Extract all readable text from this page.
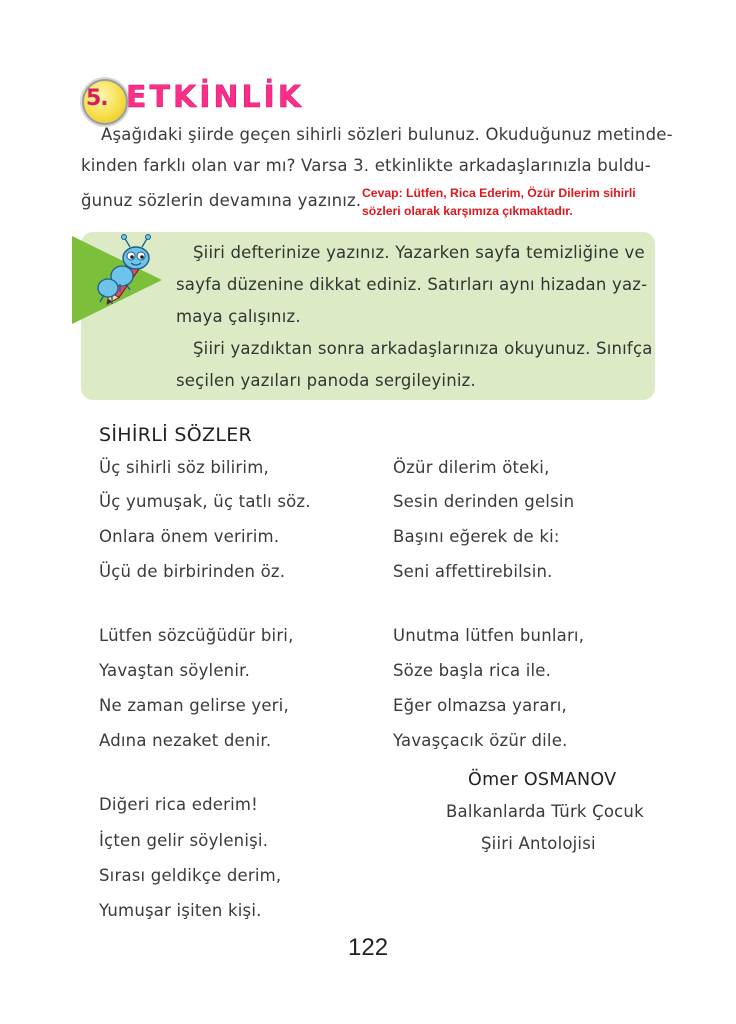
5. ETKİNLİK
Aşağıdaki şiirde geçen sihirli sözleri bulunuz. Okuduğunuz metinde-
kinden farklı olan var mı? Varsa 3. etkinlikte arkadaşlarınızla buldu-
ğunuz sözlerin devamına yazınız. Cevap: Lütfen, Rica Ederim, Özür Dilerim sihirli
sözleri olarak karşımıza çıkmaktadır.
Şiiri defterinize yazınız. Yazarken sayfa temizliğine ve
sayfa düzenine dikkat ediniz. Satırları aynı hizadan yaz-
maya çalışınız.
Şiiri yazdıktan sonra arkadaşlarınıza okuyunuz. Sınıfça
seçilen yazıları panoda sergileyiniz.
SİHİRLİ SÖZLER
Üç sihirli söz bilirim,
Üç yumuşak, üç tatlı söz.
Onlara önem veririm.
Üçü de birbirinden öz.
Lütfen sözcüğüdür biri,
Yavaştan söylenir.
Ne zaman gelirse yeri,
Adına nezaket denir.
Diğeri rica ederim!
İçten gelir söylenişi.
Sırası geldikçe derim,
Yumuşar işiten kişi.
Özür dilerim öteki,
Sesin derinden gelsin
Başını eğerek de ki:
Seni affettirebilsin.
Unutma lütfen bunları,
Söze başla rica ile.
Eğer olmazsa yararı,
Yavaşçacık özür dile.
Ömer OSMANOV
Balkanlarda Türk Çocuk
Şiiri Antolojisi
122
